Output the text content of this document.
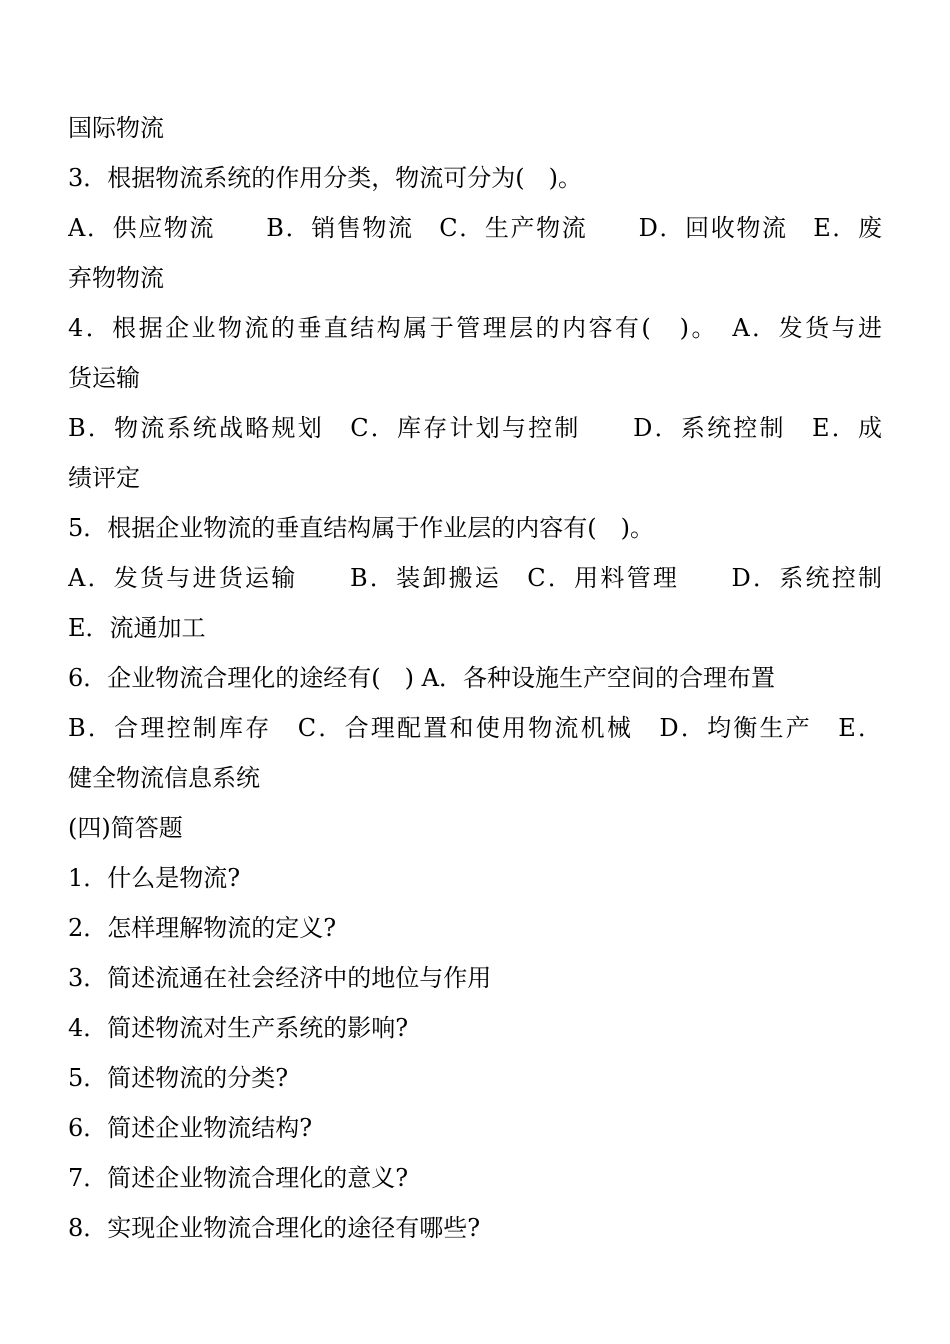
国际物流
3．根据物流系统的作用分类，物流可分为(　)。
A．供应物流　　B．销售物流　C．生产物流　　D．回收物流　E．废
弃物物流
4．根据企业物流的垂直结构属于管理层的内容有(　)。　A．发货与进
货运输
B．物流系统战略规划　C．库存计划与控制　　D．系统控制　E．成
绩评定
5．根据企业物流的垂直结构属于作业层的内容有(　)。
A．发货与进货运输　　B．装卸搬运　C．用料管理　　D．系统控制
E．流通加工
6．企业物流合理化的途经有(　) A．各种设施生产空间的合理布置
B．合理控制库存　C．合理配置和使用物流机械　D．均衡生产　E．
健全物流信息系统
(四)简答题
1．什么是物流?
2．怎样理解物流的定义?
3．简述流通在社会经济中的地位与作用
4．简述物流对生产系统的影响?
5．简述物流的分类?
6．简述企业物流结构?
7．简述企业物流合理化的意义?
8．实现企业物流合理化的途径有哪些?
